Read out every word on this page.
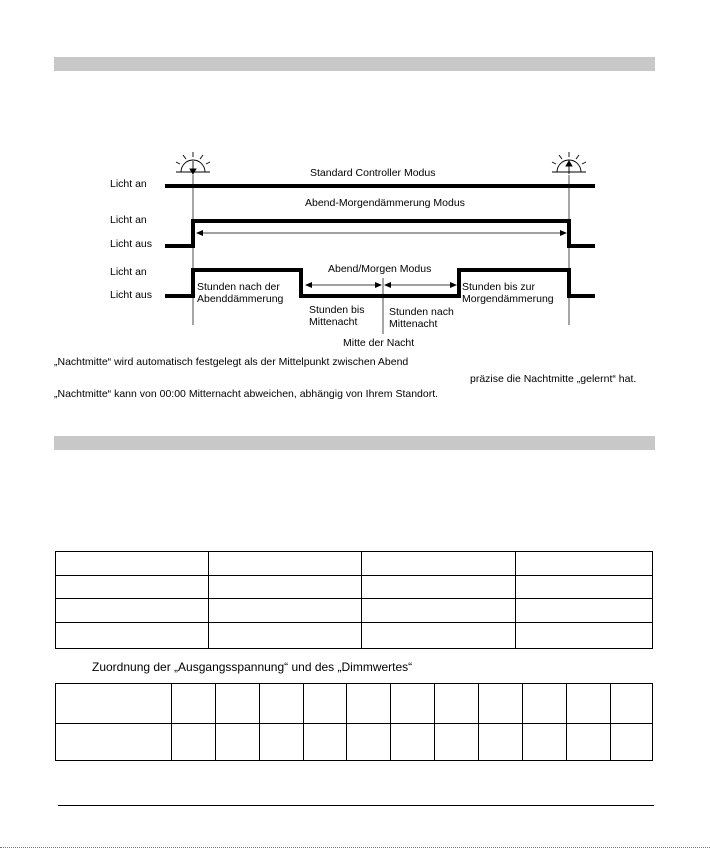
Licht an
Standard Controller Modus
Licht an
Licht aus
Abend-Morgendämmerung Modus
Licht an
Licht aus
Abend/Morgen Modus
Stunden nach der
Abenddämmerung
Stunden bis
Mittenacht
Stunden nach
Mittenacht
Stunden bis zur
Morgendämmerung
Mitte der Nacht
„Nachtmitte“ wird automatisch festgelegt als der Mittelpunkt zwischen Abend
präzise die Nachtmitte „gelernt“ hat.
„Nachtmitte“ kann von 00:00 Mitternacht abweichen, abhängig von Ihrem Standort.

Zuordnung der „Ausgangsspannung“ und des „Dimmwertes“
